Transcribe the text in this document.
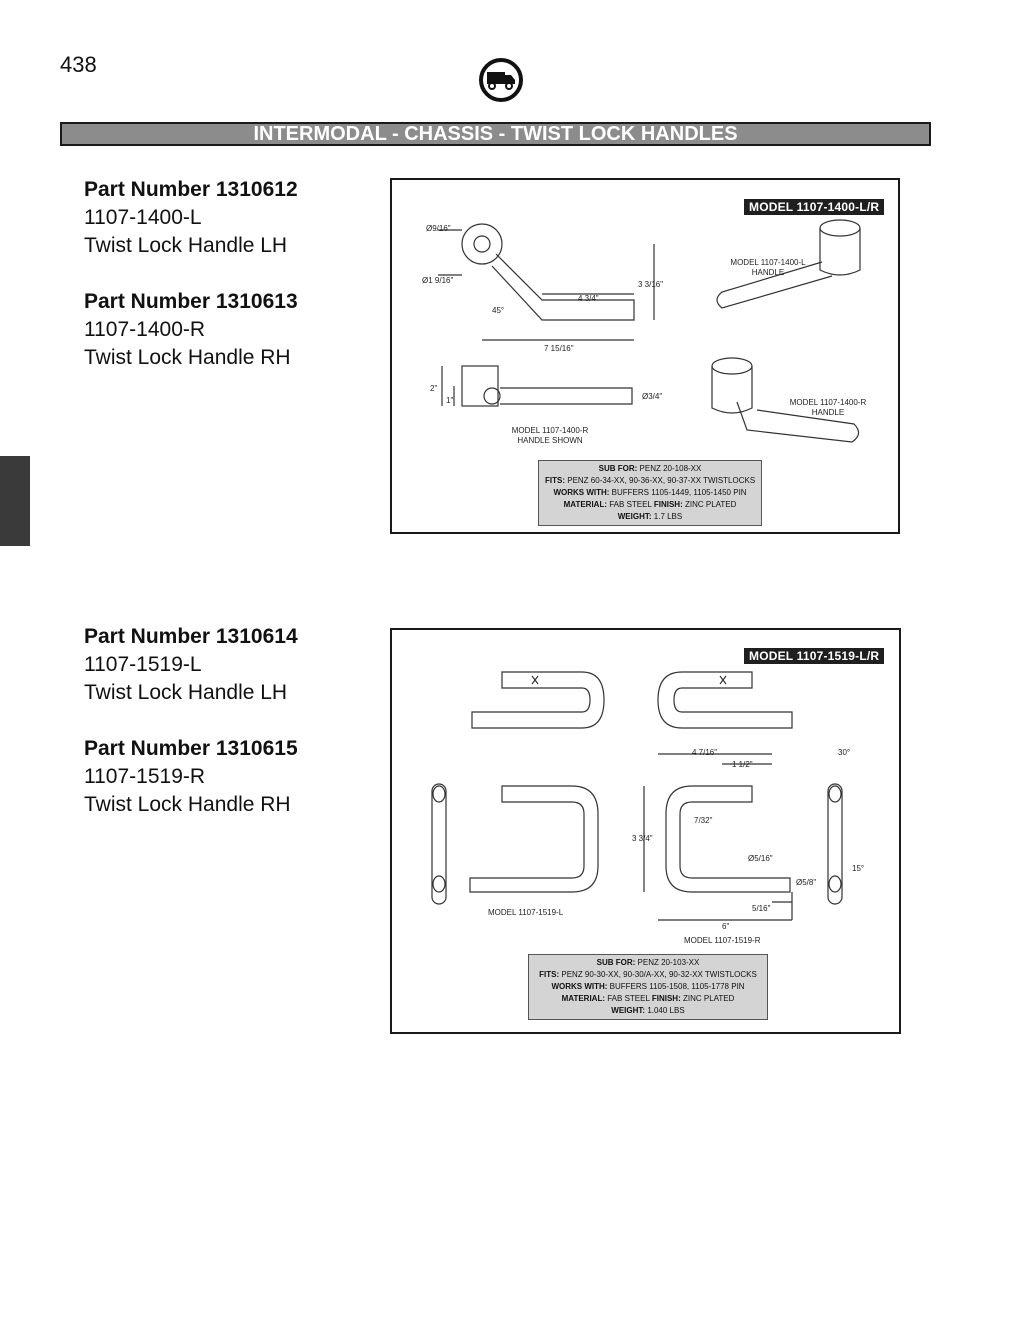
438
INTERMODAL - CHASSIS - TWIST LOCK HANDLES
Part Number 1310612
1107-1400-L
Twist Lock Handle LH
Part Number 1310613
1107-1400-R
Twist Lock Handle RH
Part Number 1310614
1107-1519-L
Twist Lock Handle LH
Part Number 1310615
1107-1519-R
Twist Lock Handle RH
MODEL 1107-1400-L/R
Ø9/16"
Ø1 9/16"
45°
4 3/4"
3 3/16"
7 15/16"
2"
1"	Ø3/4"
MODEL 1107-1400-L
HANDLE
MODEL 1107-1400-R
HANDLE
MODEL 1107-1400-R
HANDLE SHOWN
SUB FOR: PENZ 20-108-XX
FITS: PENZ 60-34-XX, 90-36-XX, 90-37-XX TWISTLOCKS
WORKS WITH: BUFFERS 1105-1449, 1105-1450 PIN
MATERIAL: FAB STEEL FINISH: ZINC PLATED
WEIGHT: 1.7 LBS
MODEL 1107-1519-L/R
4 7/16"
1 1/2"
30°
7/32"
3 3/4"
Ø5/16"
Ø5/8"
15°
5/16"
6"
MODEL 1107-1519-L
MODEL 1107-1519-R
SUB FOR: PENZ 20-103-XX
FITS: PENZ 90-30-XX, 90-30/A-XX, 90-32-XX TWISTLOCKS
WORKS WITH: BUFFERS 1105-1508, 1105-1778 PIN
MATERIAL: FAB STEEL FINISH: ZINC PLATED
WEIGHT: 1.040 LBS
